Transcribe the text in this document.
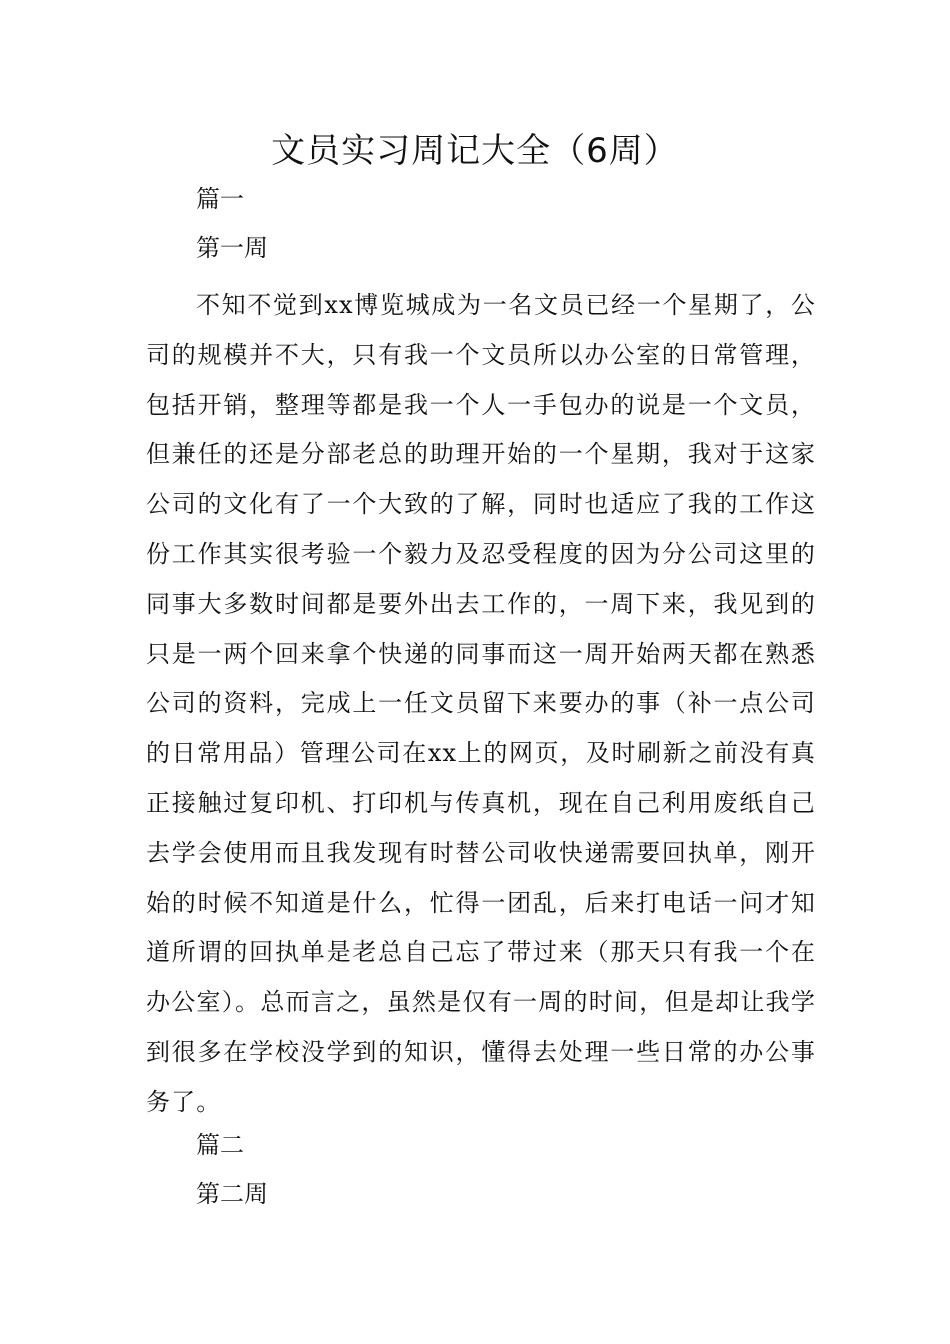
文员实习周记大全（6周）
篇一
第一周

不知不觉到xx博览城成为一名文员已经一个星期了，公司的规模并不大，只有我一个文员所以办公室的日常管理，包括开销，整理等都是我一个人一手包办的说是一个文员，但兼任的还是分部老总的助理开始的一个星期，我对于这家公司的文化有了一个大致的了解，同时也适应了我的工作这份工作其实很考验一个毅力及忍受程度的因为分公司这里的同事大多数时间都是要外出去工作的，一周下来，我见到的只是一两个回来拿个快递的同事而这一周开始两天都在熟悉公司的资料，完成上一任文员留下来要办的事（补一点公司的日常用品）管理公司在xx上的网页，及时刷新之前没有真正接触过复印机、打印机与传真机，现在自己利用废纸自己去学会使用而且我发现有时替公司收快递需要回执单，刚开始的时候不知道是什么，忙得一团乱，后来打电话一问才知道所谓的回执单是老总自己忘了带过来（那天只有我一个在办公室）。总而言之，虽然是仅有一周的时间，但是却让我学到很多在学校没学到的知识，懂得去处理一些日常的办公事务了。

篇二
第二周
